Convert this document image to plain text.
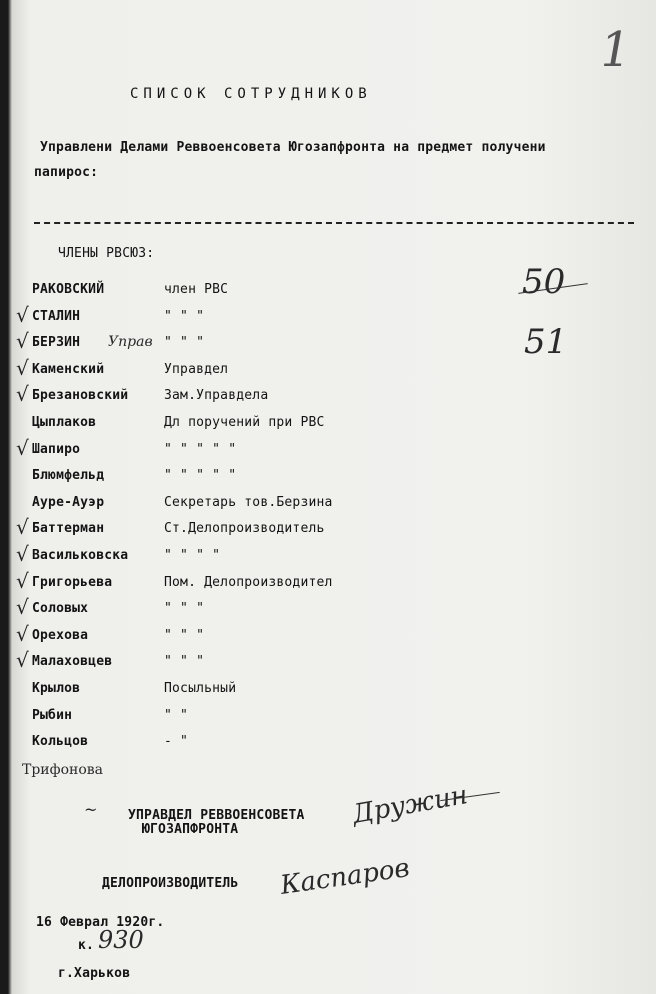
1
СПИСОК СОТРУДНИКОВ
Управлени Делами Реввоенсовета Югозапфронта на предмет получени
папирос:
ЧЛЕНЫ РВСЮЗ:
50
51
РАКОВСКИЙ	член РВС
СТАЛИН	" " "
√
БЕРЗИН	" " "
√
Каменский	Управдел
√
Брезановский	Зам.Управдела
√
Цыплаков	Дл поручений при РВС
Шапиро	" " " " "
√
Блюмфельд	" " " " "
Ауре-Ауэр	Секретарь тов.Берзина
Баттерман	Ст.Делопроизводитель
√
Васильковска	" " " "
√
Григорьева	Пом. Делопроизводител
√
Соловых	" " "
√
Орехова	" " "
√
Малаховцев	" " "
√
Крылов	Посыльный
Рыбин	" "
Кольцов	- "
Управ
Трифонова
~ УПРАВДЕЛ РЕВВОЕНСОВЕТА
ЮГОЗАПФРОНТА	Дружин
ДЕЛОПРОИЗВОДИТЕЛЬ Каспаров
16 Феврал 1920г.
к. 930
г.Харьков
